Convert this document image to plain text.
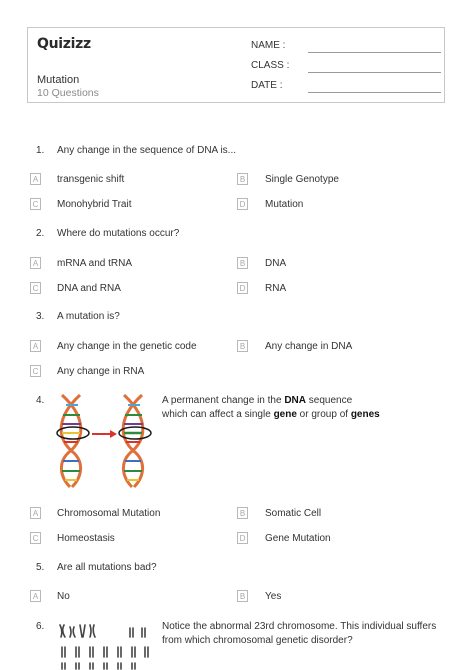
Quizizz
Mutation
10 Questions
NAME :
CLASS :
DATE :
1. Any change in the sequence of DNA is...
A transgenic shift	B Single Genotype
C Monohybrid Trait	D Mutation
2. Where do mutations occur?
A mRNA and tRNA	B DNA
C DNA and RNA	D RNA
3. A mutation is?
A Any change in the genetic code	B Any change in DNA
C Any change in RNA
4.	A permanent change in the DNA sequence
which can affect a single gene or group of genes
A Chromosomal Mutation	B Somatic Cell
C Homeostasis	D Gene Mutation
5. Are all mutations bad?
A No	B Yes
6.	Notice the abnormal 23rd chromosome. This individual suffers from which chromosomal genetic disorder?
